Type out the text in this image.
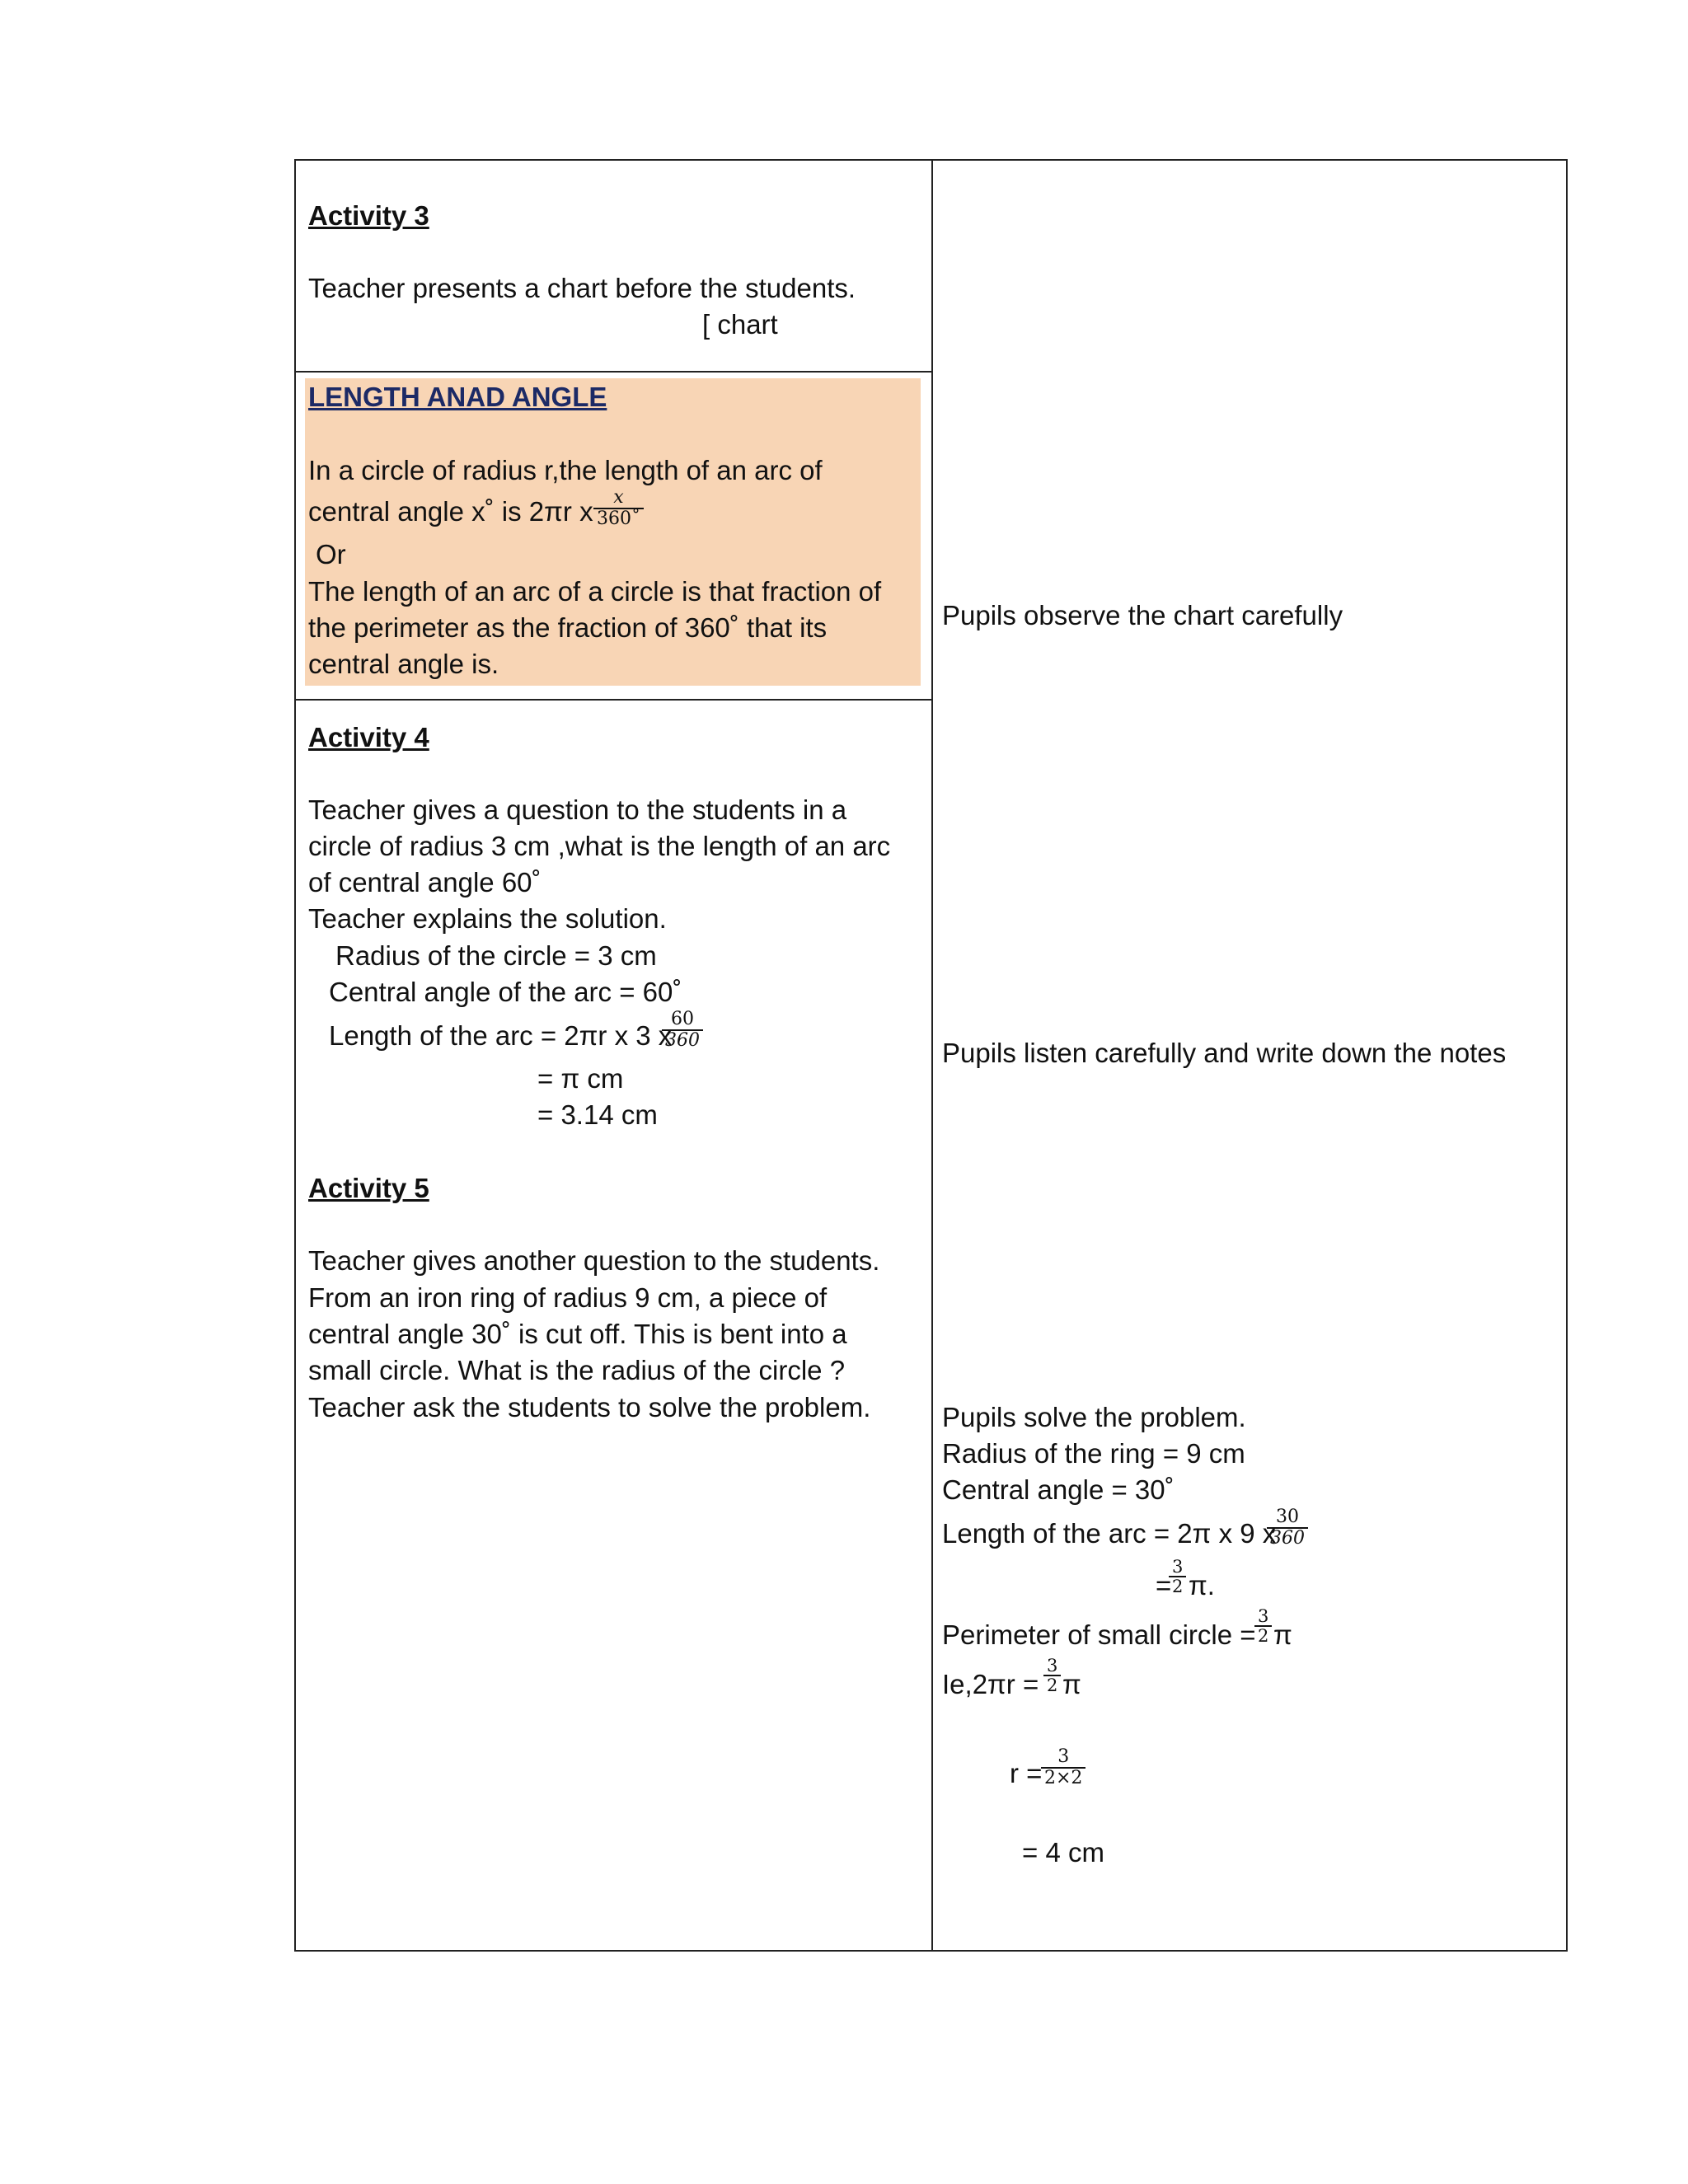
Activity 3
Teacher presents a chart before the students.
[ chart
LENGTH ANAD ANGLE
In a circle of radius r,the length of an arc of
central angle x˚ is 2πr x $\frac{x}{360˚}$
Or
The length of an arc of a circle is that fraction of
the perimeter as the fraction of 360˚ that its
central angle is.
Activity 4
Teacher gives a question to the students in a
circle of radius 3 cm ,what is the length of an arc
of central angle 60˚
Teacher explains the solution.
Radius of the circle = 3 cm
Central angle of the arc = 60˚
Length of the arc = 2πr x 3 x
$\frac{60}{360}$
= π cm
= 3.14 cm
Activity 5
Teacher gives another question to the students.
From an iron ring of radius 9 cm, a piece of
central angle 30˚ is cut off. This is bent into a
small circle. What is the radius of the circle ?
Teacher ask the students to solve the problem.
Pupils observe the chart carefully
Pupils listen carefully and write down the notes
Pupils solve the problem.
Radius of the ring = 9 cm
Central angle = 30˚
Length of the arc = 2π x 9 x
$\frac{30}{360}$
=
$\frac{3}{2} \pi$.
Perimeter of small circle =
$\frac{3}{2}$ π
$Ie,2\pi r = \frac{3}{2}$ π
r =
$\frac{3}{2\times 2}$
= 4 cm
